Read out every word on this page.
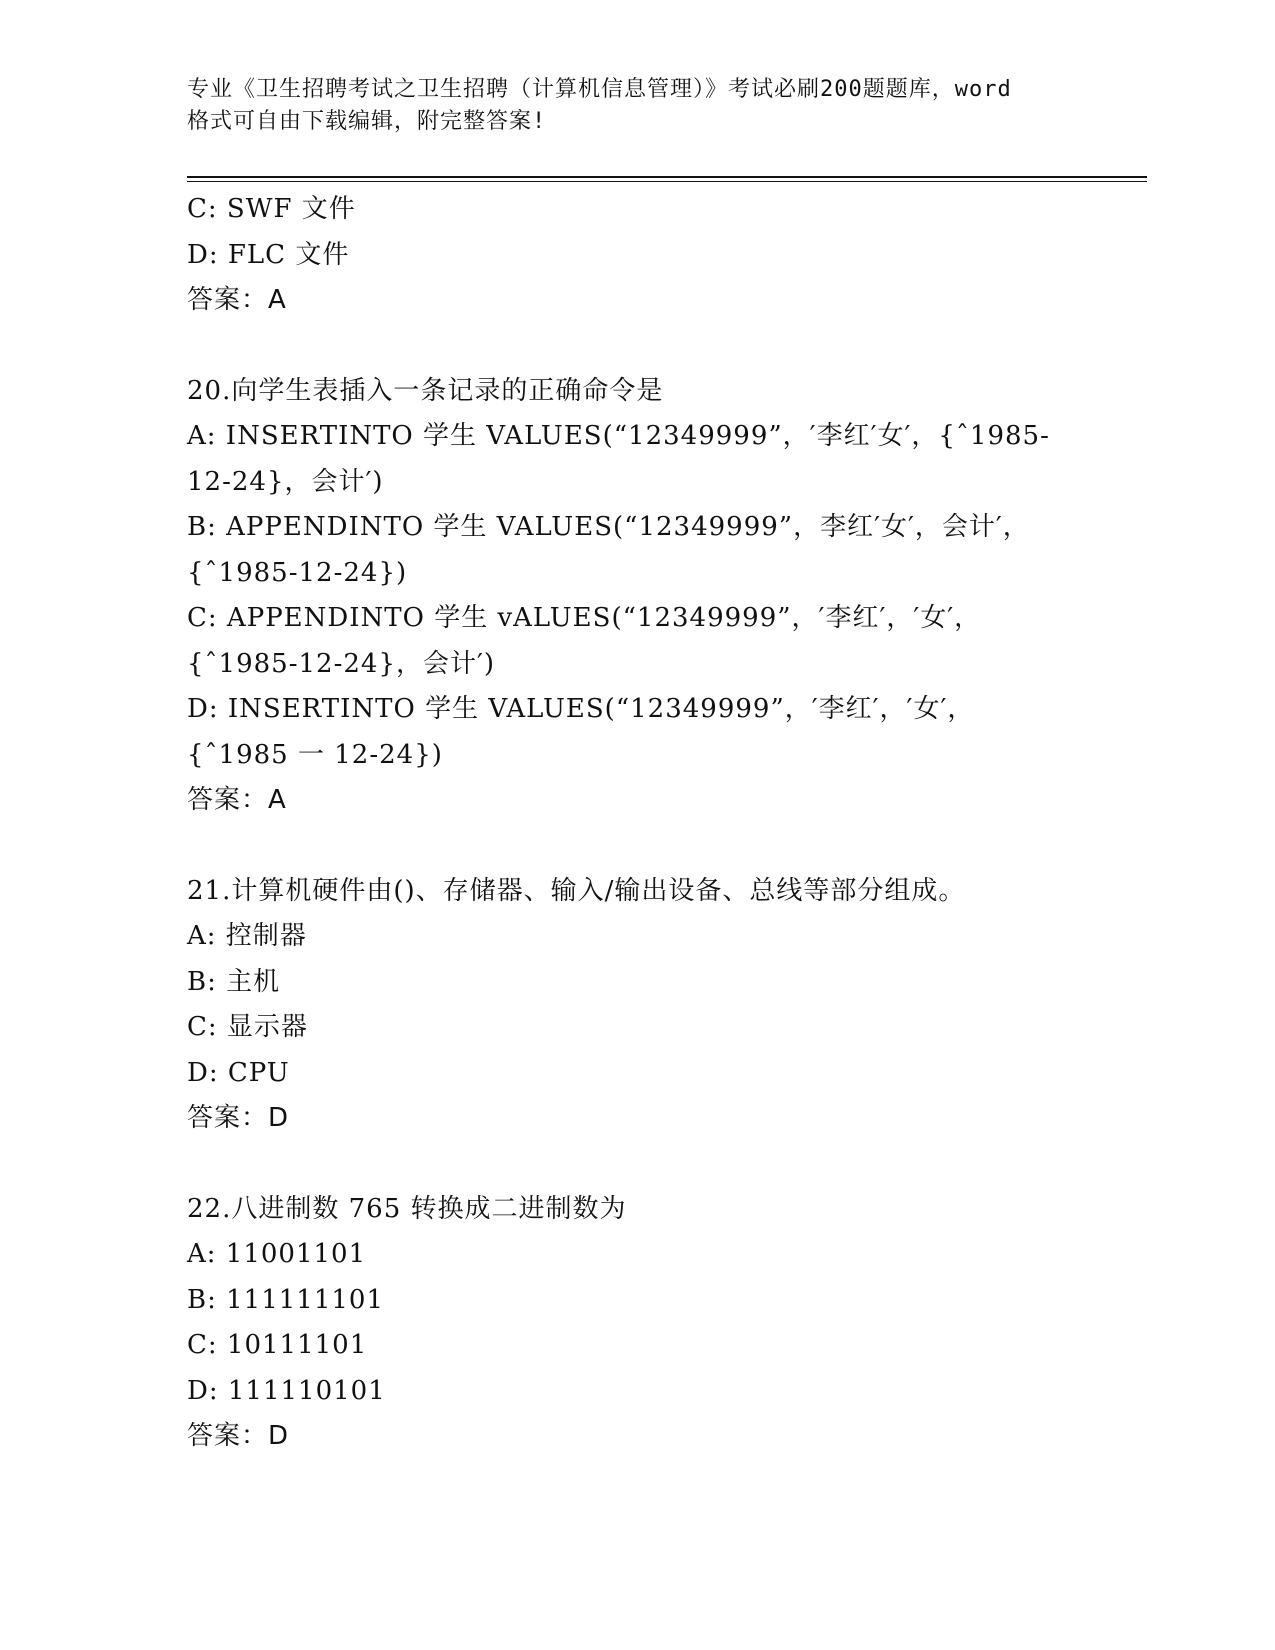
专业《卫生招聘考试之卫生招聘（计算机信息管理）》考试必刷200题题库，word
格式可自由下载编辑，附完整答案!
C: SWF 文件
D: FLC 文件
答案：A
20.向学生表插入一条记录的正确命令是
A: INSERTINTO 学生 VALUES(“12349999”，′李红′女′，{ˆ1985-
12-24}，会计′)
B: APPENDINTO 学生 VALUES(“12349999”，李红′女′，会计′，
{ˆ1985-12-24})
C: APPENDINTO 学生 vALUES(“12349999”，′李红′，′女′，
{ˆ1985-12-24}，会计′)
D: INSERTINTO 学生 VALUES(“12349999”，′李红′，′女′，
{ˆ1985 一 12-24})
答案：A
21.计算机硬件由()、存储器、输入/输出设备、总线等部分组成。
A: 控制器
B: 主机
C: 显示器
D: CPU
答案：D
22.八进制数 765 转换成二进制数为
A: 11001101
B: 111111101
C: 10111101
D: 111110101
答案：D
